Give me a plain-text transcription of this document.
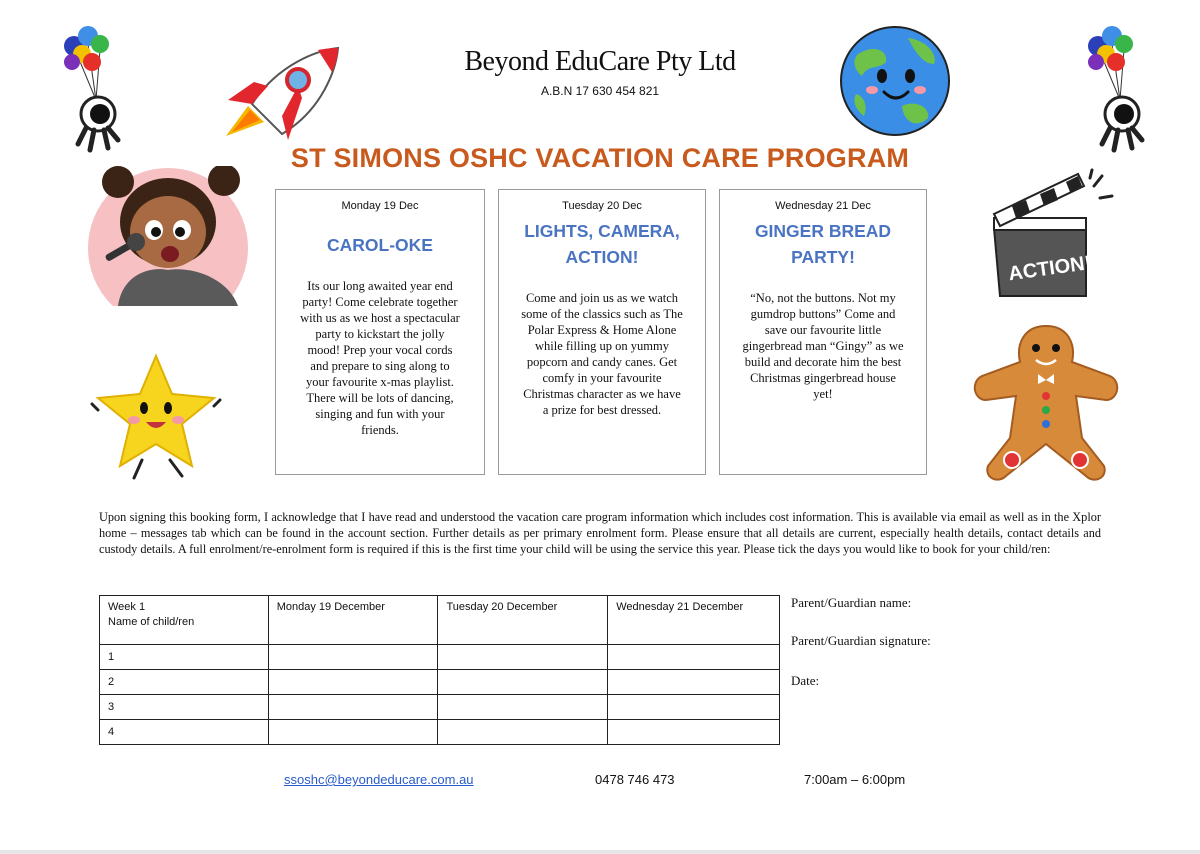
ACTION!
Beyond EduCare Pty Ltd
A.B.N 17 630 454 821
ST SIMONS OSHC VACATION CARE PROGRAM
Monday 19 Dec
CAROL-OKE
Its our long awaited year end
party! Come celebrate together
with us as we host a spectacular
party to kickstart the jolly
mood! Prep your vocal cords
and prepare to sing along to
your favourite x-mas playlist.
There will be lots of dancing,
singing and fun with your
friends.
Tuesday 20 Dec
LIGHTS, CAMERA,
ACTION!
Come and join us as we watch
some of the classics such as The
Polar Express & Home Alone
while filling up on yummy
popcorn and candy canes. Get
comfy in your favourite
Christmas character as we have
a prize for best dressed.
Wednesday 21 Dec
GINGER BREAD
PARTY!
“No, not the buttons. Not my
gumdrop buttons” Come and
save our favourite little
gingerbread man “Gingy” as we
build and decorate him the best
Christmas gingerbread house
yet!
Upon signing this booking form, I acknowledge that I have read and understood the vacation care program information which includes cost information. This is available via email as well as in the Xplor home – messages tab which can be found in the account section. Further details as per primary enrolment form. Please ensure that all details are current, especially health details, contact details and custody details. A full enrolment/re-enrolment form is required if this is the first time your child will be using the service this year. Please tick the days you would like to book for your child/ren:
Week 1
Name of child/ren	Monday 19 December	Tuesday 20 December	Wednesday 21 December
1			
2			
3			
4			
Parent/Guardian name:
Parent/Guardian signature:
Date:
ssoshc@beyondeducare.com.au	0478 746 473	7:00am – 6:00pm
